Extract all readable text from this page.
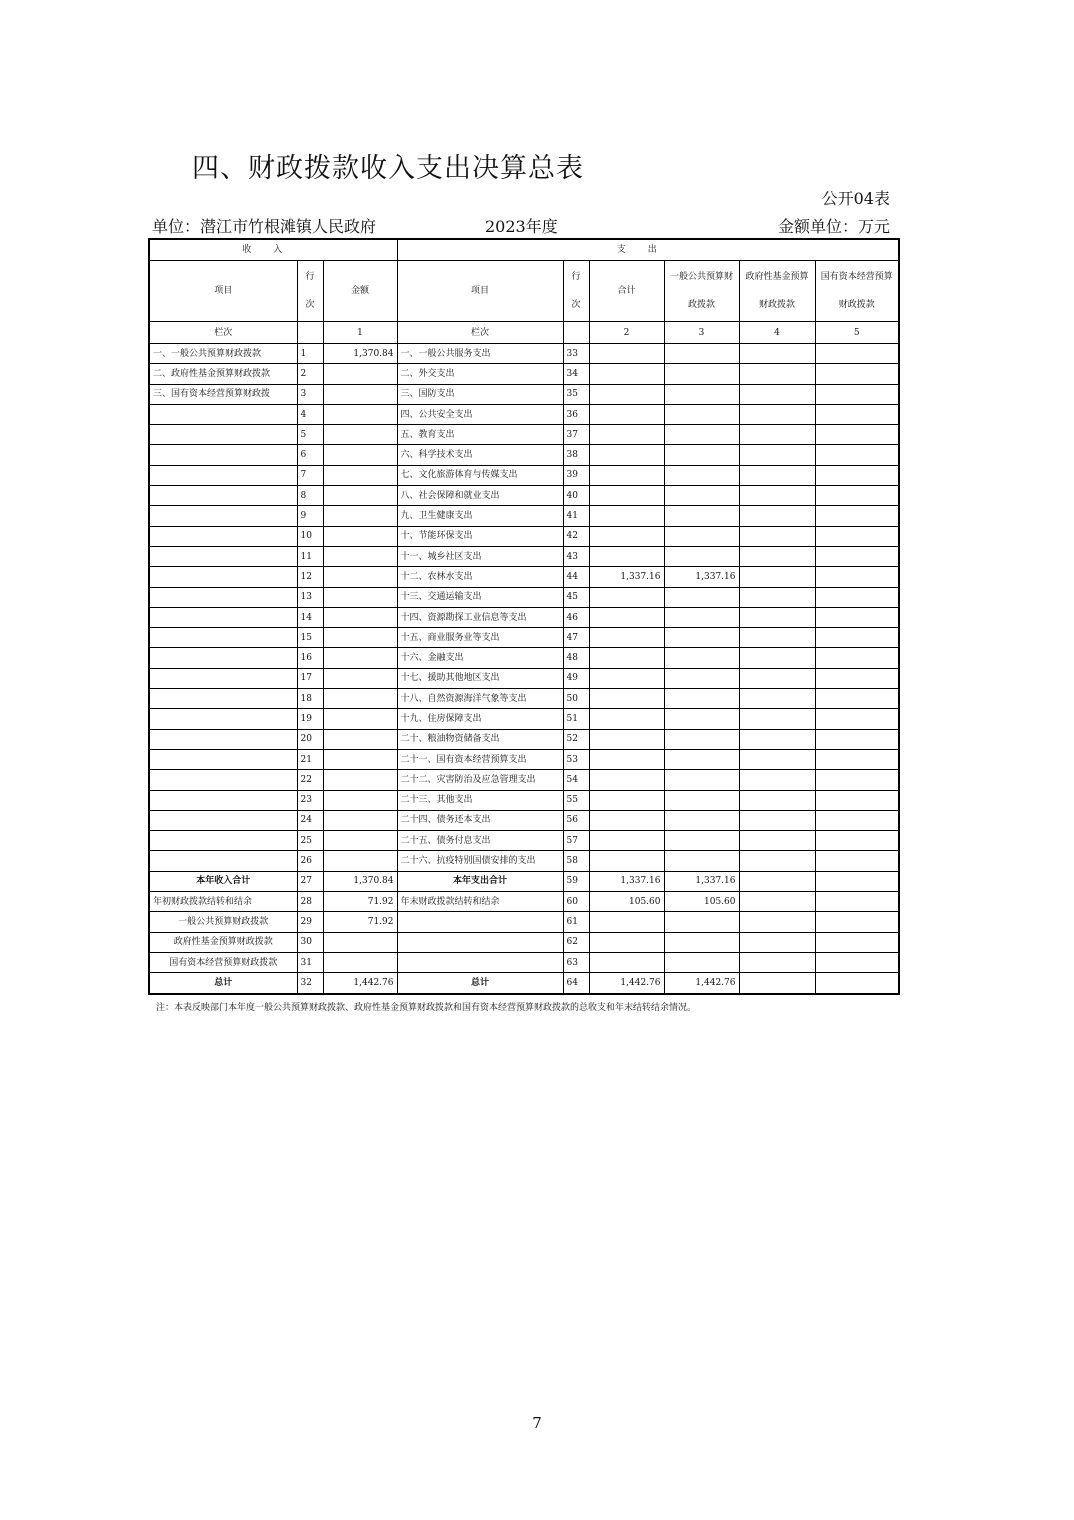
四、财政拨款收入支出决算总表
公开04表
单位：潜江市竹根滩镇人民政府	2023年度	金额单位：万元
收入			支出					
项目	行次	金额	项目	行次	合计	一般公共预算财政拨款	政府性基金预算财政拨款	国有资本经营预算财政拨款
栏次		1	栏次		2	3	4	5
一、一般公共预算财政拨款	1	1,370.84	一、一般公共服务支出	33				
二、政府性基金预算财政拨款	2		二、外交支出	34				
三、国有资本经营预算财政拨	3		三、国防支出	35				
	4		四、公共安全支出	36				
	5		五、教育支出	37				
	6		六、科学技术支出	38				
	7		七、文化旅游体育与传媒支出	39				
	8		八、社会保障和就业支出	40				
	9		九、卫生健康支出	41				
	10		十、节能环保支出	42				
	11		十一、城乡社区支出	43				
	12		十二、农林水支出	44	1,337.16	1,337.16		
	13		十三、交通运输支出	45				
	14		十四、资源勘探工业信息等支出	46				
	15		十五、商业服务业等支出	47				
	16		十六、金融支出	48				
	17		十七、援助其他地区支出	49				
	18		十八、自然资源海洋气象等支出	50				
	19		十九、住房保障支出	51				
	20		二十、粮油物资储备支出	52				
	21		二十一、国有资本经营预算支出	53				
	22		二十二、灾害防治及应急管理支出	54				
	23		二十三、其他支出	55				
	24		二十四、债务还本支出	56				
	25		二十五、债务付息支出	57				
	26		二十六、抗疫特别国债安排的支出	58				
本年收入合计	27	1,370.84	本年支出合计	59	1,337.16	1,337.16		
年初财政拨款结转和结余	28	71.92	年末财政拨款结转和结余	60	105.60	105.60		
一般公共预算财政拨款	29	71.92		61				
政府性基金预算财政拨款	30			62				
国有资本经营预算财政拨款	31			63				
总计	32	1,442.76	总计	64	1,442.76	1,442.76		
注：本表反映部门本年度一般公共预算财政拨款、政府性基金预算财政拨款和国有资本经营预算财政拨款的总收支和年末结转结余情况。
7
